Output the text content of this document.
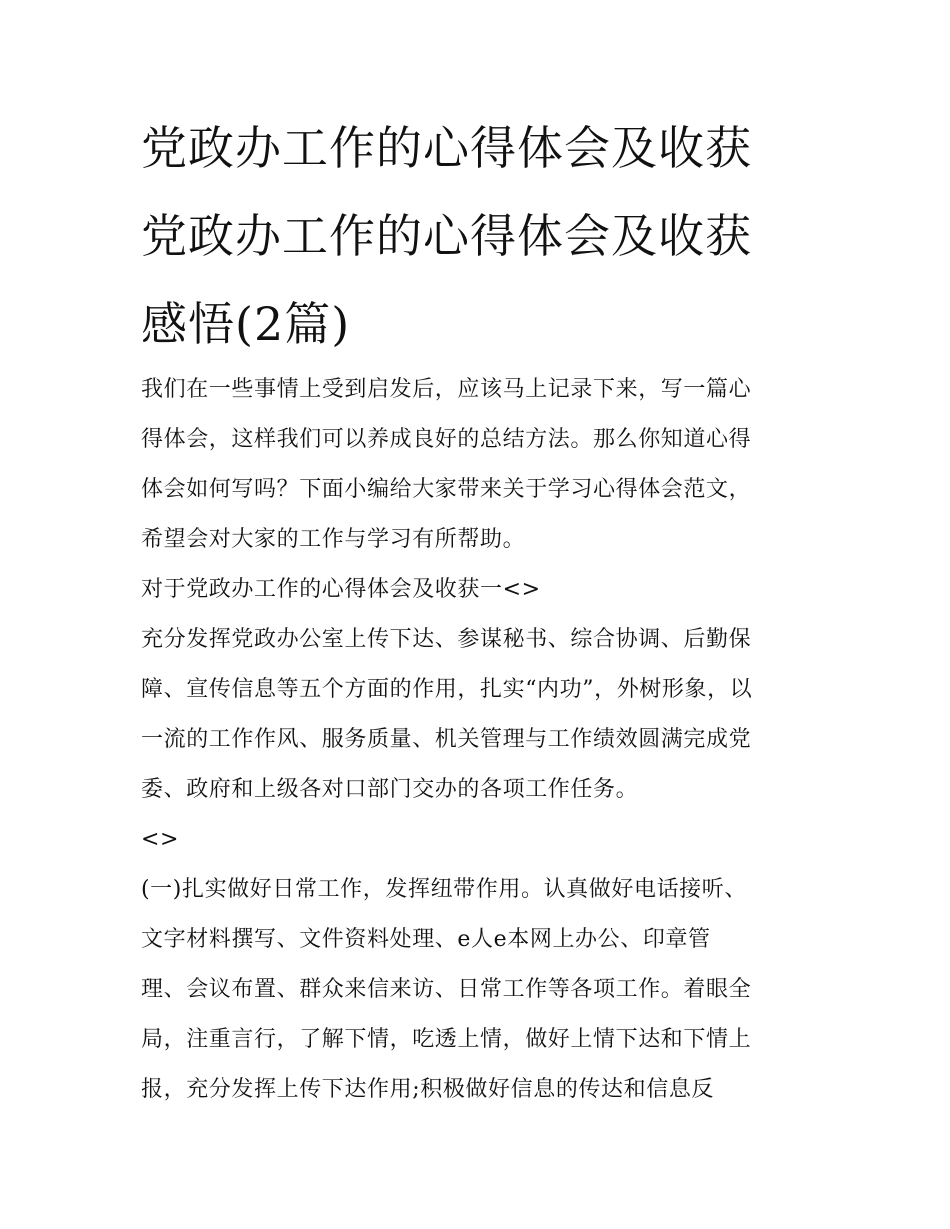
党政办工作的心得体会及收获
党政办工作的心得体会及收获
感悟(2篇)
我们在一些事情上受到启发后，应该马上记录下来，写一篇心
得体会，这样我们可以养成良好的总结方法。那么你知道心得
体会如何写吗？下面小编给大家带来关于学习心得体会范文，
希望会对大家的工作与学习有所帮助。
对于党政办工作的心得体会及收获一<>
充分发挥党政办公室上传下达、参谋秘书、综合协调、后勤保
障、宣传信息等五个方面的作用，扎实“内功”，外树形象，以
一流的工作作风、服务质量、机关管理与工作绩效圆满完成党
委、政府和上级各对口部门交办的各项工作任务。
<>
(一)扎实做好日常工作，发挥纽带作用。认真做好电话接听、
文字材料撰写、文件资料处理、e人e本网上办公、印章管
理、会议布置、群众来信来访、日常工作等各项工作。着眼全
局，注重言行，了解下情，吃透上情，做好上情下达和下情上
报，充分发挥上传下达作用;积极做好信息的传达和信息反
